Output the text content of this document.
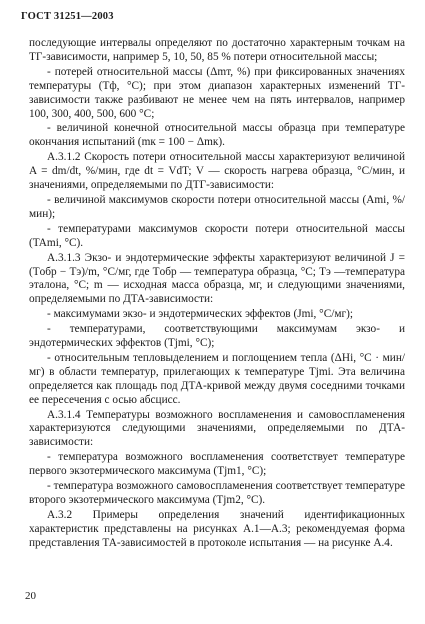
ГОСТ 31251—2003

последующие интервалы определяют по достаточно характерным точкам на ТГ-зависимости, например 5, 10, 50, 85 % потери относительной массы;

- потерей относительной массы (Δmт, %) при фиксированных значениях температуры (Tф, °С); при этом диапазон характерных изменений ТГ-зависимости также разбивают не менее чем на пять интервалов, например 100, 300, 400, 500, 600 °С;

- величиной конечной относительной массы образца при температуре окончания испытаний (mк = 100 − Δmк).

А.3.1.2 Скорость потери относительной массы характеризуют величиной A = dm/dt, %/мин, где dt = VdT; V — скорость нагрева образца, °С/мин, и значениями, определяемыми по ДТГ-зависимости:

- величиной максимумов скорости потери относительной массы (Ami, %/мин);

- температурами максимумов скорости потери относительной массы (TAmi, °С).

А.3.1.3 Экзо- и эндотермические эффекты характеризуют величиной J = (Tобр − Tэ)/m, °С/мг, где Tобр — температура образца, °С; Tэ —температура эталона, °С; m — исходная масса образца, мг, и следующими значениями, определяемыми по ДТА-зависимости:

- максимумами экзо- и эндотермических эффектов (Jmi, °С/мг);

- температурами, соответствующими максимумам экзо- и эндотермических эффектов (Tjmi, °С);

- относительным тепловыделением и поглощением тепла (ΔHi, °С · мин/мг) в области температур, прилегающих к температуре Tjmi. Эта величина определяется как площадь под ДТА-кривой между двумя соседними точками ее пересечения с осью абсцисс.

А.3.1.4 Температуры возможного воспламенения и самовоспламенения характеризуются следующими значениями, определяемыми по ДТА-зависимости:

- температура возможного воспламенения соответствует температуре первого экзотермического максимума (Tjm1, °С);

- температура возможного самовоспламенения соответствует температуре второго экзотермического максимума (Tjm2, °С).

А.3.2 Примеры определения значений идентификационных характеристик представлены на рисунках А.1—А.3; рекомендуемая форма представления ТА-зависимостей в протоколе испытания — на рисунке А.4.

20
